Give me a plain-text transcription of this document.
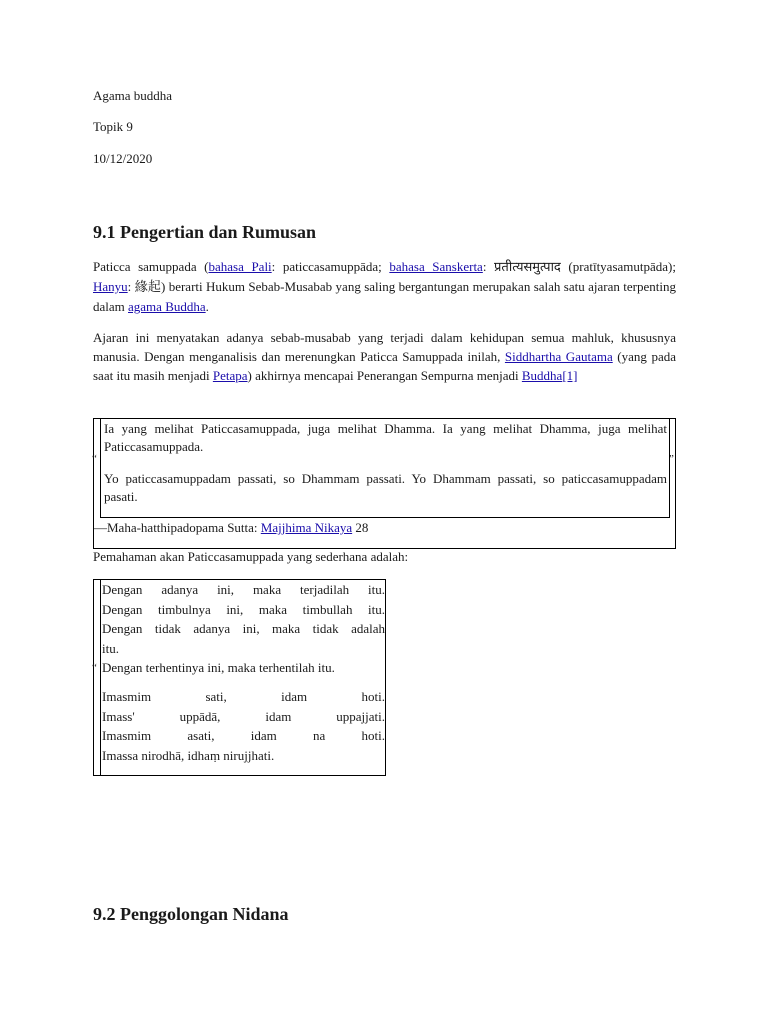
Agama buddha
Topik 9
10/12/2020
9.1 Pengertian dan Rumusan
Paticca samuppada (bahasa Pali: paticcasamuppāda; bahasa Sanskerta: प्रतीत्यसमुत्पाद (pratītyasamutpāda); Hanyu: 緣起) berarti Hukum Sebab-Musabab yang saling bergantungan merupakan salah satu ajaran terpenting dalam agama Buddha.
Ajaran ini menyatakan adanya sebab-musabab yang terjadi dalam kehidupan semua mahluk, khususnya manusia. Dengan menganalisis dan merenungkan Paticca Samuppada inilah, Siddhartha Gautama (yang pada saat itu masih menjadi Petapa) akhirnya mencapai Penerangan Sempurna menjadi Buddha[1]
“	”
Ia yang melihat Paticcasamuppada, juga melihat Dhamma. Ia yang melihat Dhamma, juga melihat Paticcasamuppada.
Yo paticcasamuppadam passati, so Dhammam passati. Yo Dhammam passati, so paticcasamuppadam pasati.
—Maha-hatthipadopama Sutta: Majjhima Nikaya 28
Pemahaman akan Paticcasamuppada yang sederhana adalah:
“
Dengan adanya ini, maka terjadilah itu.
Dengan timbulnya ini, maka timbullah itu.
Dengan tidak adanya ini, maka tidak adalah
itu.
Dengan terhentinya ini, maka terhentilah itu.
Imasmim sati, idam hoti.
Imass' uppādā, idam uppajjati.
Imasmim asati, idam na hoti.
Imassa nirodhā, idhaṃ nirujjhati.
9.2 Penggolongan Nidana
